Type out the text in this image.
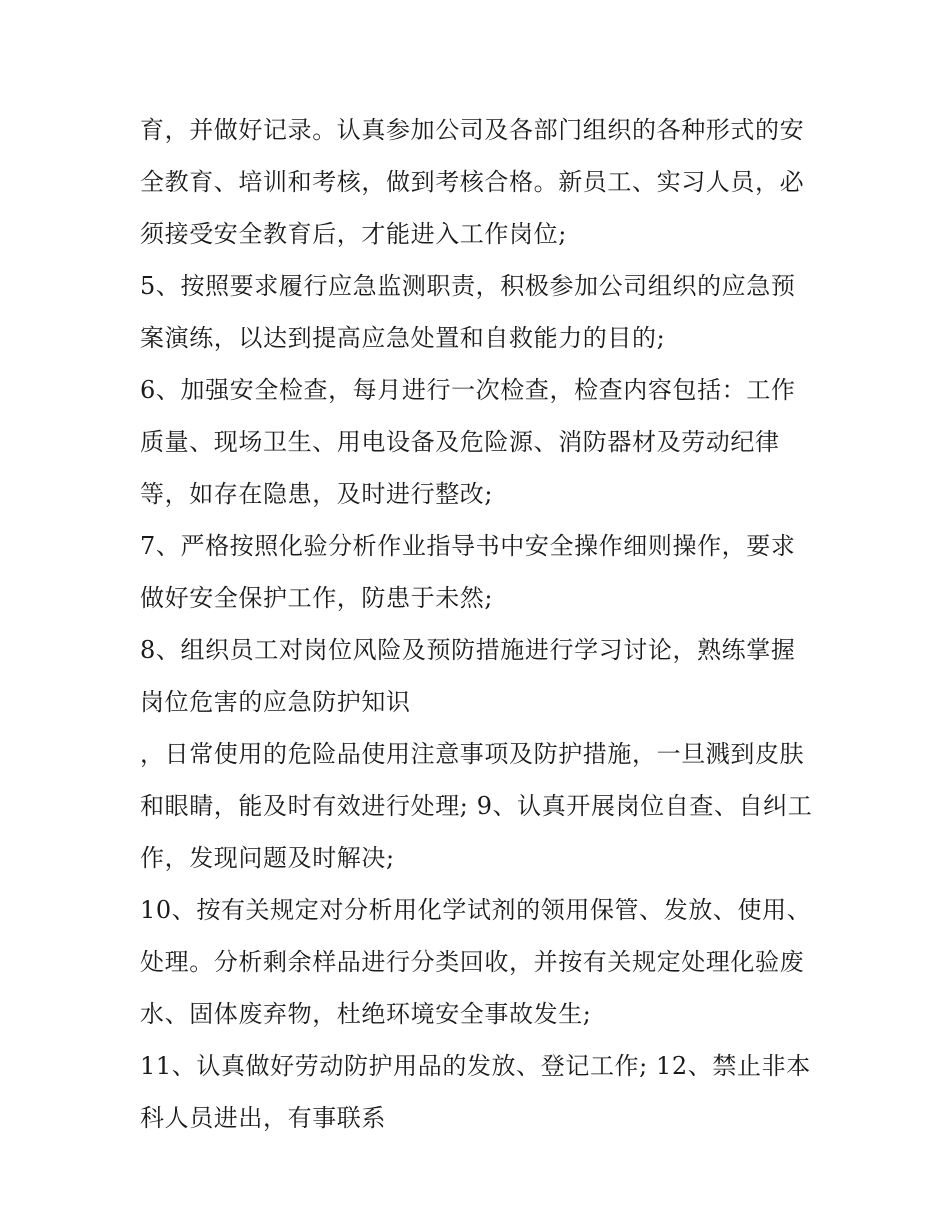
育，并做好记录。认真参加公司及各部门组织的各种形式的安
全教育、培训和考核，做到考核合格。新员工、实习人员，必
须接受安全教育后，才能进入工作岗位;
5、按照要求履行应急监测职责，积极参加公司组织的应急预
案演练，以达到提高应急处置和自救能力的目的;
6、加强安全检查，每月进行一次检查，检查内容包括：工作
质量、现场卫生、用电设备及危险源、消防器材及劳动纪律
等，如存在隐患，及时进行整改;
7、严格按照化验分析作业指导书中安全操作细则操作，要求
做好安全保护工作，防患于未然;
8、组织员工对岗位风险及预防措施进行学习讨论，熟练掌握
岗位危害的应急防护知识
，日常使用的危险品使用注意事项及防护措施，一旦溅到皮肤
和眼睛，能及时有效进行处理; 9、认真开展岗位自查、自纠工
作，发现问题及时解决;
10、按有关规定对分析用化学试剂的领用保管、发放、使用、
处理。分析剩余样品进行分类回收，并按有关规定处理化验废
水、固体废弃物，杜绝环境安全事故发生;
11、认真做好劳动防护用品的发放、登记工作; 12、禁止非本
科人员进出，有事联系
